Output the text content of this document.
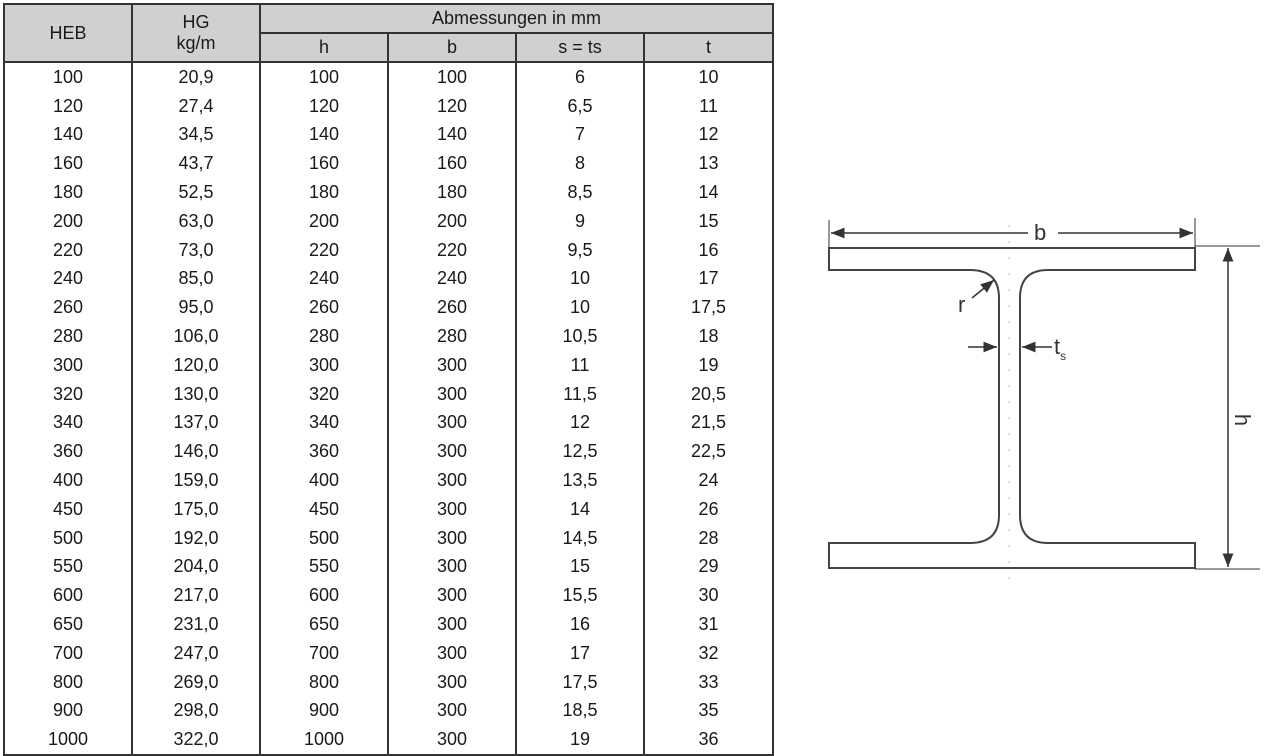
HEB	HG	Abmessungen in mm			
	kg/m	h	b	s = ts	t
100	20,9	100	100	6	10
120	27,4	120	120	6,5	11
140	34,5	140	140	7	12
160	43,7	160	160	8	13
180	52,5	180	180	8,5	14
200	63,0	200	200	9	15
220	73,0	220	220	9,5	16
240	85,0	240	240	10	17
260	95,0	260	260	10	17,5
280	106,0	280	280	10,5	18
300	120,0	300	300	11	19
320	130,0	320	300	11,5	20,5
340	137,0	340	300	12	21,5
360	146,0	360	300	12,5	22,5
400	159,0	400	300	13,5	24
450	175,0	450	300	14	26
500	192,0	500	300	14,5	28
550	204,0	550	300	15	29
600	217,0	600	300	15,5	30
650	231,0	650	300	16	31
700	247,0	700	300	17	32
800	269,0	800	300	17,5	33
900	298,0	900	300	18,5	35
1000	322,0	1000	300	19	36
b
h
r
$t_s$
